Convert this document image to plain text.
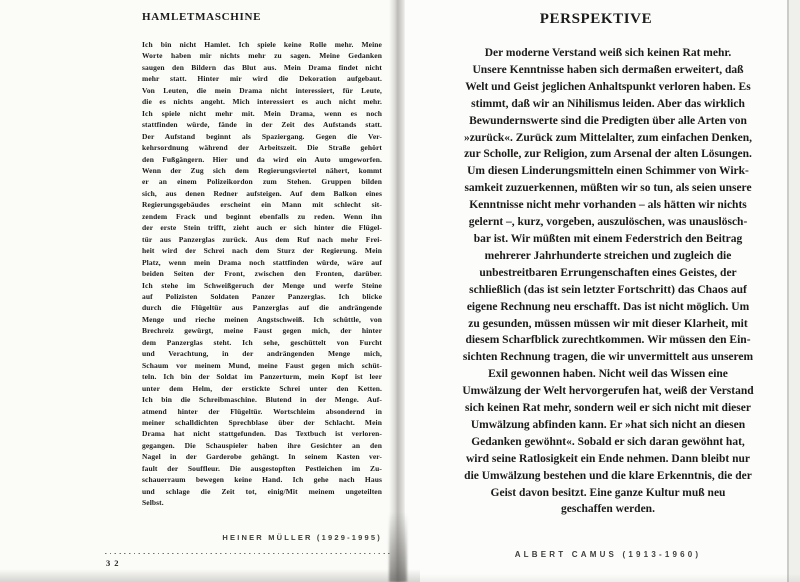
HAMLETMASCHINE
Ich bin nicht Hamlet. Ich spiele keine Rolle mehr. Meine
Worte haben mir nichts mehr zu sagen. Meine Gedanken
saugen den Bildern das Blut aus. Mein Drama findet nicht
mehr statt. Hinter mir wird die Dekoration aufgebaut.
Von Leuten, die mein Drama nicht interessiert, für Leute,
die es nichts angeht. Mich interessiert es auch nicht mehr.
Ich spiele nicht mehr mit. Mein Drama, wenn es noch
stattfinden würde, fände in der Zeit des Aufstands statt.
Der Aufstand beginnt als Spaziergang. Gegen die Ver-
kehrsordnung während der Arbeitszeit. Die Straße gehört
den Fußgängern. Hier und da wird ein Auto umgeworfen.
Wenn der Zug sich dem Regierungsviertel nähert, kommt
er an einem Polizeikordon zum Stehen. Gruppen bilden
sich, aus denen Redner aufsteigen. Auf dem Balkon eines
Regierungsgebäudes erscheint ein Mann mit schlecht sit-
zendem Frack und beginnt ebenfalls zu reden. Wenn ihn
der erste Stein trifft, zieht auch er sich hinter die Flügel-
tür aus Panzerglas zurück. Aus dem Ruf nach mehr Frei-
heit wird der Schrei nach dem Sturz der Regierung. Mein
Platz, wenn mein Drama noch stattfinden würde, wäre auf
beiden Seiten der Front, zwischen den Fronten, darüber.
Ich stehe im Schweißgeruch der Menge und werfe Steine
auf Polizisten Soldaten Panzer Panzerglas. Ich blicke
durch die Flügeltür aus Panzerglas auf die andrängende
Menge und rieche meinen Angstschweiß. Ich schüttle, von
Brechreiz gewürgt, meine Faust gegen mich, der hinter
dem Panzerglas steht. Ich sehe, geschüttelt von Furcht
und Verachtung, in der andrängenden Menge mich,
Schaum vor meinem Mund, meine Faust gegen mich schüt-
teln. Ich bin der Soldat im Panzerturm, mein Kopf ist leer
unter dem Helm, der erstickte Schrei unter den Ketten.
Ich bin die Schreibmaschine. Blutend in der Menge. Auf-
atmend hinter der Flügeltür. Wortschleim absondernd in
meiner schalldichten Sprechblase über der Schlacht. Mein
Drama hat nicht stattgefunden. Das Textbuch ist verloren-
gegangen. Die Schauspieler haben ihre Gesichter an den
Nagel in der Garderobe gehängt. In seinem Kasten ver-
fault der Souffleur. Die ausgestopften Pestleichen im Zu-
schauerraum bewegen keine Hand. Ich gehe nach Haus
und schlage die Zeit tot, einig/Mit meinem ungeteilten
Selbst.
HEINER MÜLLER (1929-1995)
32
PERSPEKTIVE
Der moderne Verstand weiß sich keinen Rat mehr.
Unsere Kenntnisse haben sich dermaßen erweitert, daß
Welt und Geist jeglichen Anhaltspunkt verloren haben. Es
stimmt, daß wir an Nihilismus leiden. Aber das wirklich
Bewundernswerte sind die Predigten über alle Arten von
»zurück«. Zurück zum Mittelalter, zum einfachen Denken,
zur Scholle, zur Religion, zum Arsenal der alten Lösungen.
Um diesen Linderungsmitteln einen Schimmer von Wirk-
samkeit zuzuerkennen, müßten wir so tun, als seien unsere
Kenntnisse nicht mehr vorhanden – als hätten wir nichts
gelernt –, kurz, vorgeben, auszulöschen, was unauslösch-
bar ist. Wir müßten mit einem Federstrich den Beitrag
mehrerer Jahrhunderte streichen und zugleich die
unbestreitbaren Errungenschaften eines Geistes, der
schließlich (das ist sein letzter Fortschritt) das Chaos auf
eigene Rechnung neu erschafft. Das ist nicht möglich. Um
zu gesunden, müssen müssen wir mit dieser Klarheit, mit
diesem Scharfblick zurechtkommen. Wir müssen den Ein-
sichten Rechnung tragen, die wir unvermittelt aus unserem
Exil gewonnen haben. Nicht weil das Wissen eine
Umwälzung der Welt hervorgerufen hat, weiß der Verstand
sich keinen Rat mehr, sondern weil er sich nicht mit dieser
Umwälzung abfinden kann. Er »hat sich nicht an diesen
Gedanken gewöhnt«. Sobald er sich daran gewöhnt hat,
wird seine Ratlosigkeit ein Ende nehmen. Dann bleibt nur
die Umwälzung bestehen und die klare Erkenntnis, die der
Geist davon besitzt. Eine ganze Kultur muß neu
geschaffen werden.
ALBERT CAMUS (1913-1960)
